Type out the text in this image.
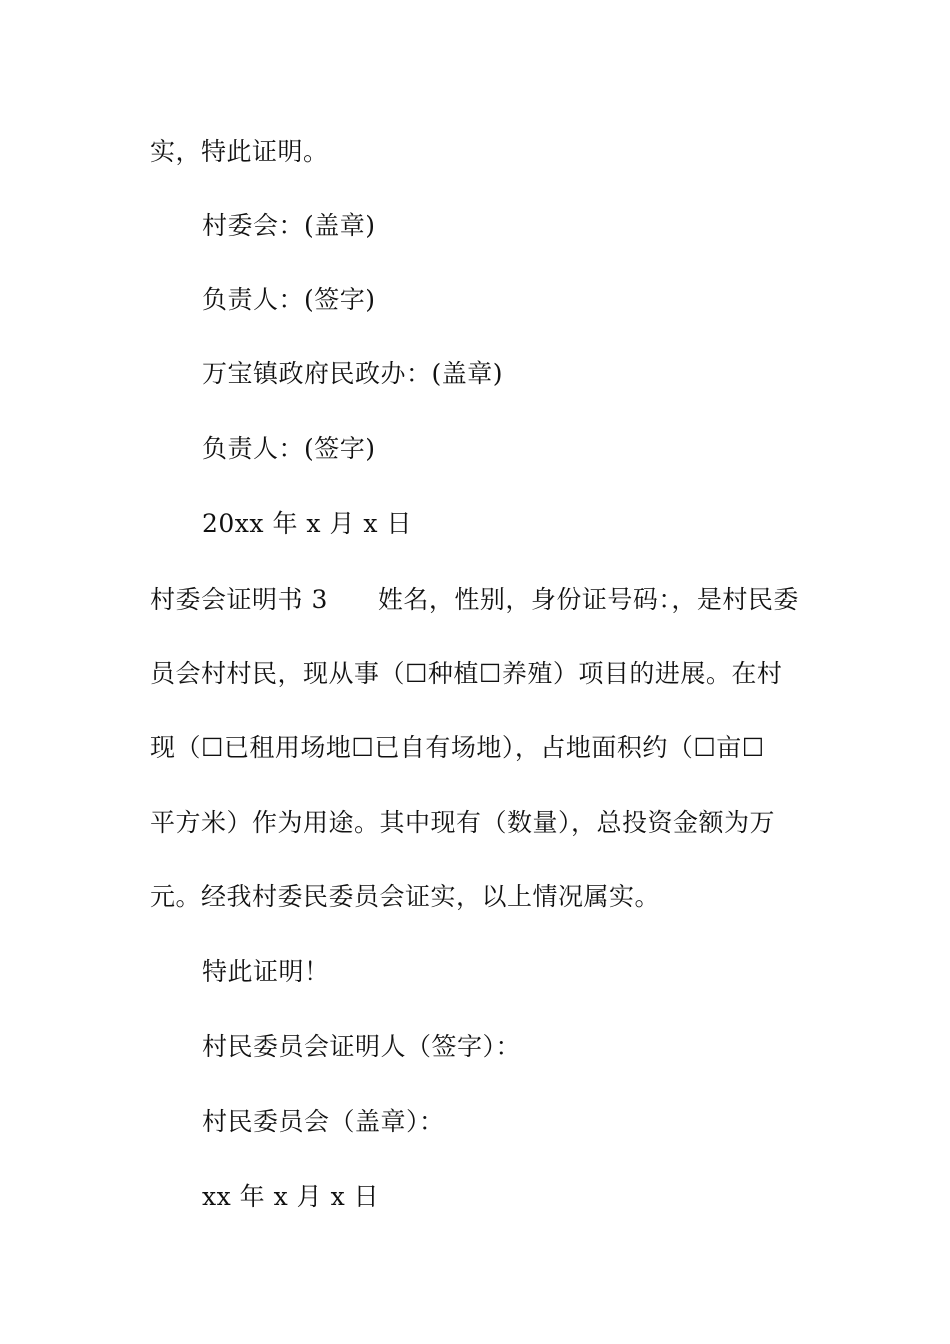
实，特此证明。
村委会：(盖章)
负责人：(签字)
万宝镇政府民政办：(盖章)
负责人：(签字)
20xx 年 x 月 x 日
村委会证明书 3 姓名，性别，身份证号码：，是村民委
员会村村民，现从事（☐种植☐养殖）项目的进展。在村
现（☐已租用场地☐已自有场地），占地面积约（☐亩☐
平方米）作为用途。其中现有（数量），总投资金额为万
元。经我村委民委员会证实，以上情况属实。
特此证明！
村民委员会证明人（签字）：
村民委员会（盖章）：
xx 年 x 月 x 日
